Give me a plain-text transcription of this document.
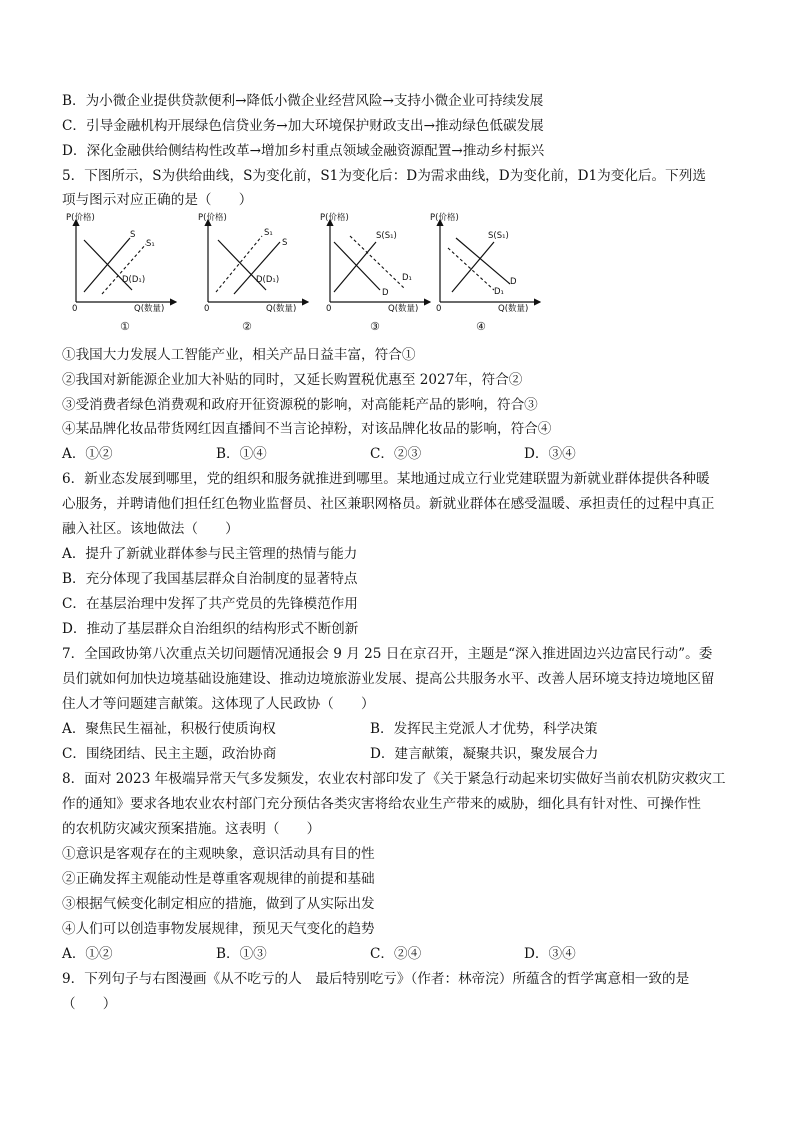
B．为小微企业提供贷款便利→降低小微企业经营风险→支持小微企业可持续发展
C．引导金融机构开展绿色信贷业务→加大环境保护财政支出→推动绿色低碳发展
D．深化金融供给侧结构性改革→增加乡村重点领域金融资源配置→推动乡村振兴
5．下图所示，S为供给曲线，S为变化前，S1为变化后：D为需求曲线，D为变化前，D1为变化后。下列选
项与图示对应正确的是（　　）
P(价格)
Q(数量)
0
S
S₁
D(D₁)
①
P(价格)
Q(数量)
0
S₁
S
D(D₁)
②
P(价格)
Q(数量)
0
S(S₁)
D₁
D
③
P(价格)
Q(数量)
0
S(S₁)
D
D₁
④
①我国大力发展人工智能产业，相关产品日益丰富，符合①
②我国对新能源企业加大补贴的同时，又延长购置税优惠至 2027年，符合②
③受消费者绿色消费观和政府开征资源税的影响，对高能耗产品的影响，符合③
④某品牌化妆品带货网红因直播间不当言论掉粉，对该品牌化妆品的影响，符合④
A．①②	B．①④	C．②③	D．③④
6．新业态发展到哪里，党的组织和服务就推进到哪里。某地通过成立行业党建联盟为新就业群体提供各种暖
心服务，并聘请他们担任红色物业监督员、社区兼职网格员。新就业群体在感受温暖、承担责任的过程中真正
融入社区。该地做法（　　）
A．提升了新就业群体参与民主管理的热情与能力
B．充分体现了我国基层群众自治制度的显著特点
C．在基层治理中发挥了共产党员的先锋模范作用
D．推动了基层群众自治组织的结构形式不断创新
7．全国政协第八次重点关切问题情况通报会 9 月 25 日在京召开，主题是“深入推进固边兴边富民行动”。委
员们就如何加快边境基础设施建设、推动边境旅游业发展、提高公共服务水平、改善人居环境支持边境地区留
住人才等问题建言献策。这体现了人民政协（　　）
A．聚焦民生福祉，积极行使质询权	B．发挥民主党派人才优势，科学决策
C．围绕团结、民主主题，政治协商	D．建言献策，凝聚共识，聚发展合力
8．面对 2023 年极端异常天气多发频发，农业农村部印发了《关于紧急行动起来切实做好当前农机防灾救灾工
作的通知》要求各地农业农村部门充分预估各类灾害将给农业生产带来的威胁，细化具有针对性、可操作性
的农机防灾减灾预案措施。这表明（　　）
①意识是客观存在的主观映象，意识活动具有目的性
②正确发挥主观能动性是尊重客观规律的前提和基础
③根据气候变化制定相应的措施，做到了从实际出发
④人们可以创造事物发展规律，预见天气变化的趋势
A．①②	B．①③	C．②④	D．③④
9．下列句子与右图漫画《从不吃亏的人　最后特别吃亏》（作者：林帝浣）所蕴含的哲学寓意相一致的是
（　　）
